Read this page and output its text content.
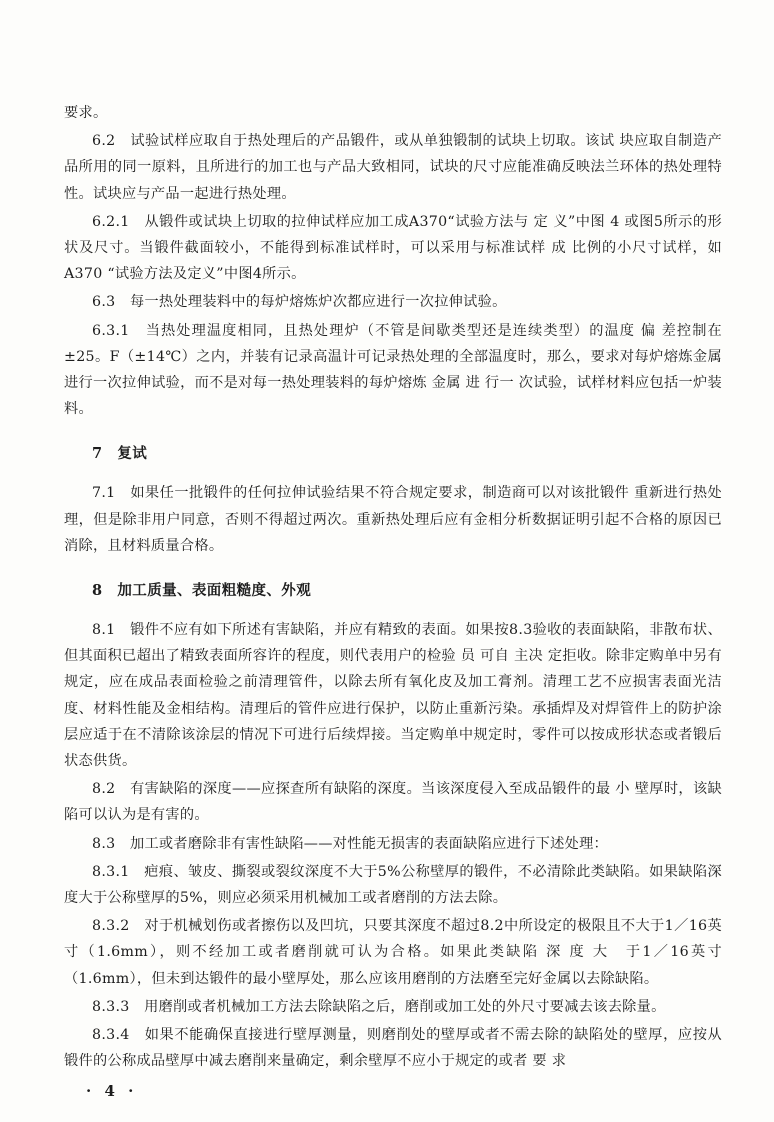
要求。

6.2　试验试样应取自于热处理后的产品锻件，或从单独锻制的试块上切取。该试 块应取自制造产品所用的同一原料，且所进行的加工也与产品大致相同，试块的尺寸应能准确反映法兰环体的热处理特性。试块应与产品一起进行热处理。

6.2.1　从锻件或试块上切取的拉伸试样应加工成A370“试验方法与 定 义”中图 4 或图5所示的形状及尺寸。当锻件截面较小，不能得到标准试样时，可以采用与标准试样 成 比例的小尺寸试样，如A370 “试验方法及定义”中图4所示。

6.3　每一热处理装料中的每炉熔炼炉次都应进行一次拉伸试验。

6.3.1　当热处理温度相同，且热处理炉（不管是间歇类型还是连续类型）的温度 偏 差控制在±25。F（±14℃）之内，并装有记录高温计可记录热处理的全部温度时，那么，要求对每炉熔炼金属进行一次拉伸试验，而不是对每一热处理装料的每炉熔炼 金属 进 行一 次试验，试样材料应包括一炉装料。

7　复试

7.1　如果任一批锻件的任何拉伸试验结果不符合规定要求，制造商可以对该批锻件 重新进行热处理，但是除非用户同意，否则不得超过两次。重新热处理后应有金相分析数据证明引起不合格的原因已消除，且材料质量合格。

8　加工质量、表面粗糙度、外观

8.1　锻件不应有如下所述有害缺陷，并应有精致的表面。如果按8.3验收的表面缺陷，非散布状、但其面积已超出了精致表面所容许的程度，则代表用户的检验 员 可自 主决 定拒收。除非定购单中另有规定，应在成品表面检验之前清理管件，以除去所有氧化皮及加工膏剂。清理工艺不应损害表面光洁度、材料性能及金相结构。清理后的管件应进行保护，以防止重新污染。承插焊及对焊管件上的防护涂层应适于在不清除该涂层的情况下可进行后续焊接。当定购单中规定时，零件可以按成形状态或者锻后状态供货。

8.2　有害缺陷的深度——应探查所有缺陷的深度。当该深度侵入至成品锻件的最 小 壁厚时，该缺陷可以认为是有害的。

8.3　加工或者磨除非有害性缺陷——对性能无损害的表面缺陷应进行下述处理：

8.3.1　疤痕、皱皮、撕裂或裂纹深度不大于5%公称壁厚的锻件，不必清除此类缺陷。如果缺陷深度大于公称壁厚的5%，则应必须采用机械加工或者磨削的方法去除。

8.3.2　对于机械划伤或者擦伤以及凹坑，只要其深度不超过8.2中所设定的极限且不大于1／16英寸（1.6mm），则不经加工或者磨削就可认为合格。如果此类缺陷 深 度 大　于1／16英寸（1.6mm），但未到达锻件的最小壁厚处，那么应该用磨削的方法磨至完好金属以去除缺陷。

8.3.3　用磨削或者机械加工方法去除缺陷之后，磨削或加工处的外尺寸要减去该去除量。

8.3.4　如果不能确保直接进行壁厚测量，则磨削处的壁厚或者不需去除的缺陷处的壁厚，应按从锻件的公称成品壁厚中减去磨削来量确定，剩余壁厚不应小于规定的或者 要 求

· 4 ·
